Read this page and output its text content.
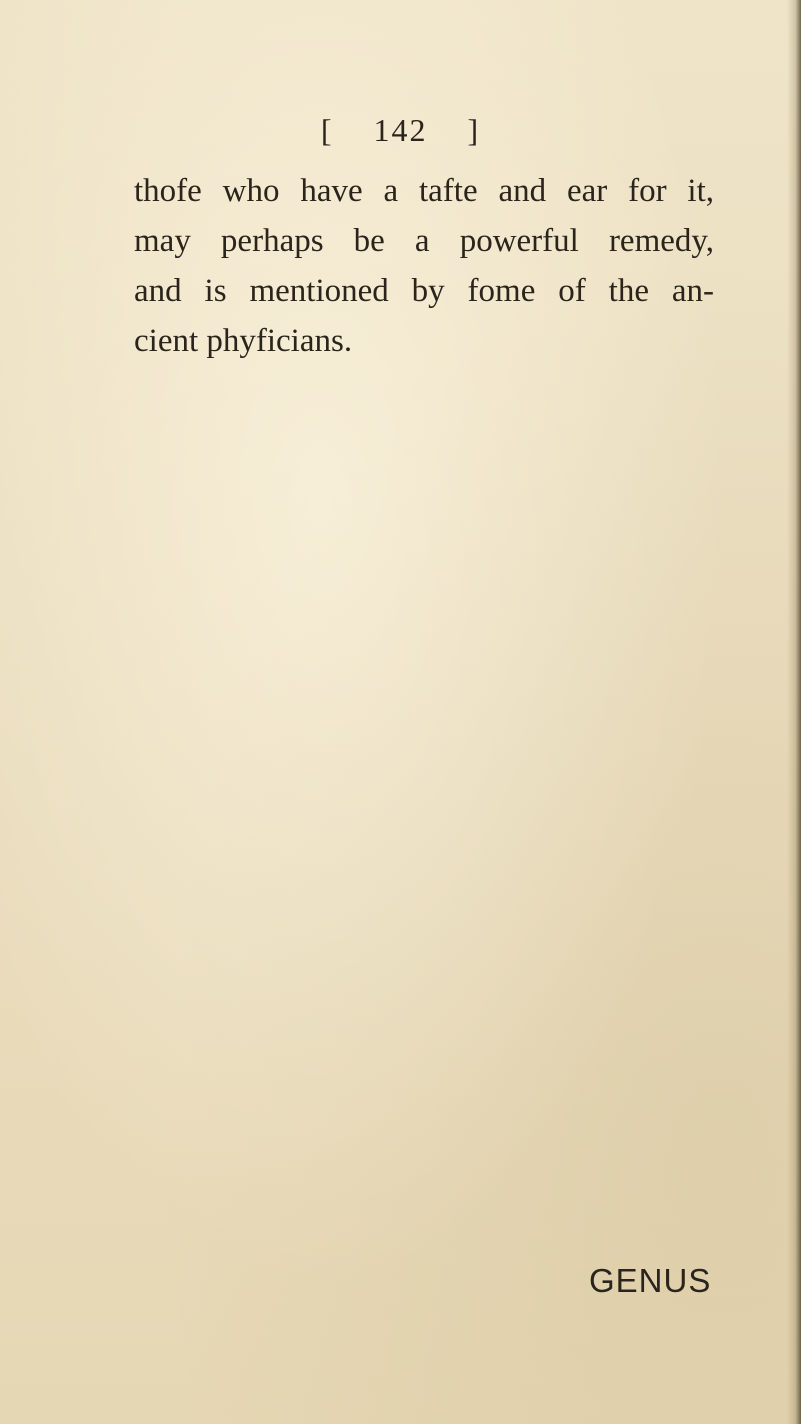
[ 142 ]
thofe who have a tafte and ear for it,
may perhaps be a powerful remedy,
and is mentioned by fome of the an-
cient phyficians.
GENUS
